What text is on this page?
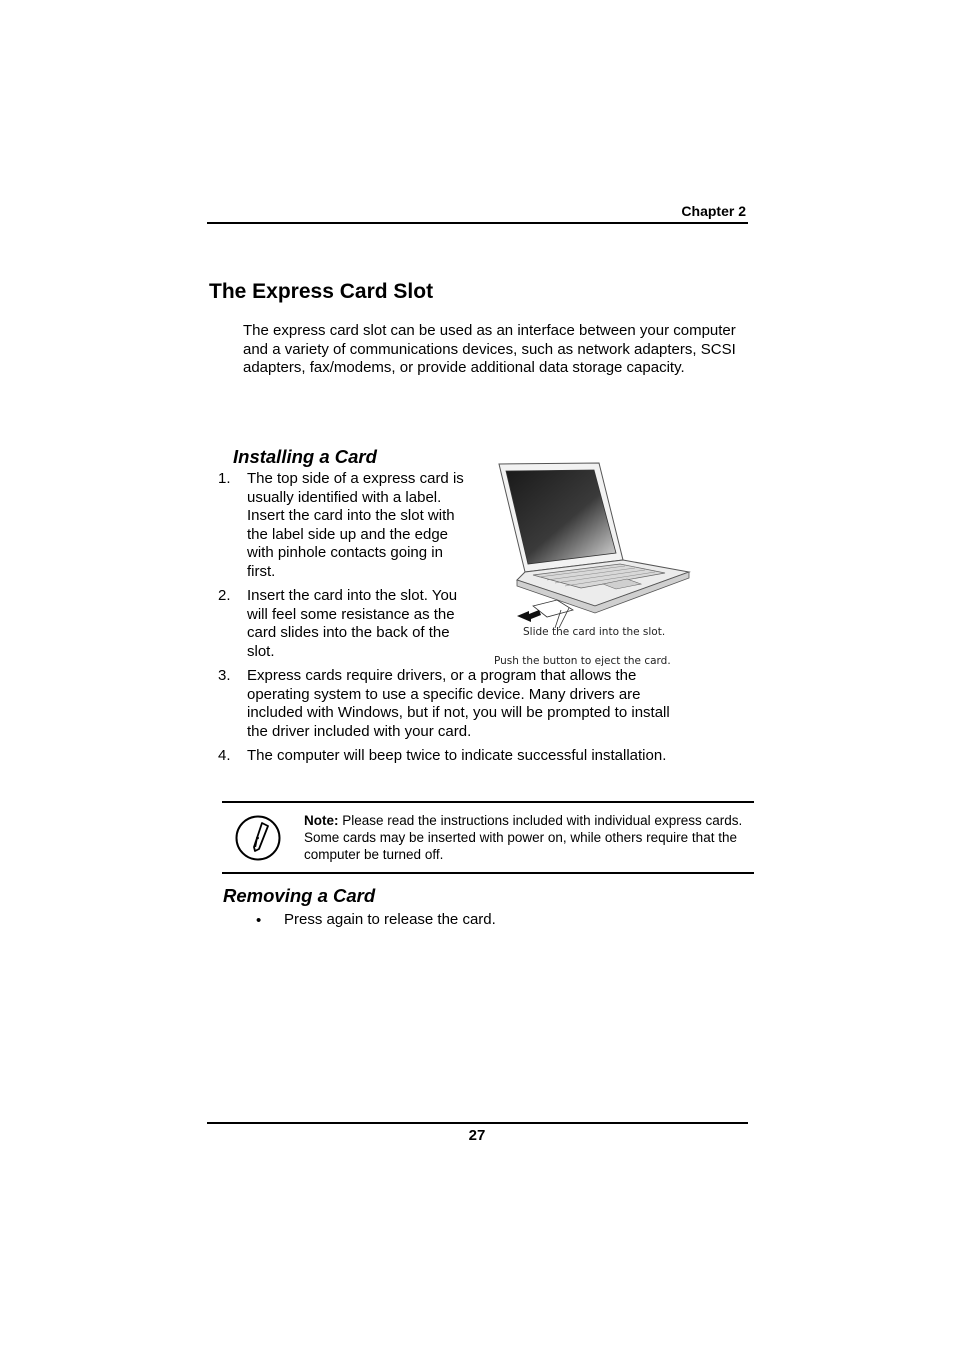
Chapter 2
The Express Card Slot

The express card slot can be used as an interface between your computer and a variety of communications devices, such as network adapters, SCSI adapters, fax/modems, or provide additional data storage capacity.

Installing a Card
1. The top side of a express card is
usually identified with a label.
Insert the card into the slot with
the label side up and the edge
with pinhole contacts going in
first.
2. Insert the card into the slot. You
will feel some resistance as the
card slides into the back of the
slot.
3. Express cards require drivers, or a program that allows the
operating system to use a specific device. Many drivers are
included with Windows, but if not, you will be prompted to install
the driver included with your card.
4. The computer will beep twice to indicate successful installation.
Slide the card into the slot.
Push the button to eject the card.

Note: Please read the instructions included with individual express cards. Some cards may be inserted with power on, while others require that the computer be turned off.

Removing a Card
• Press again to release the card.
27
